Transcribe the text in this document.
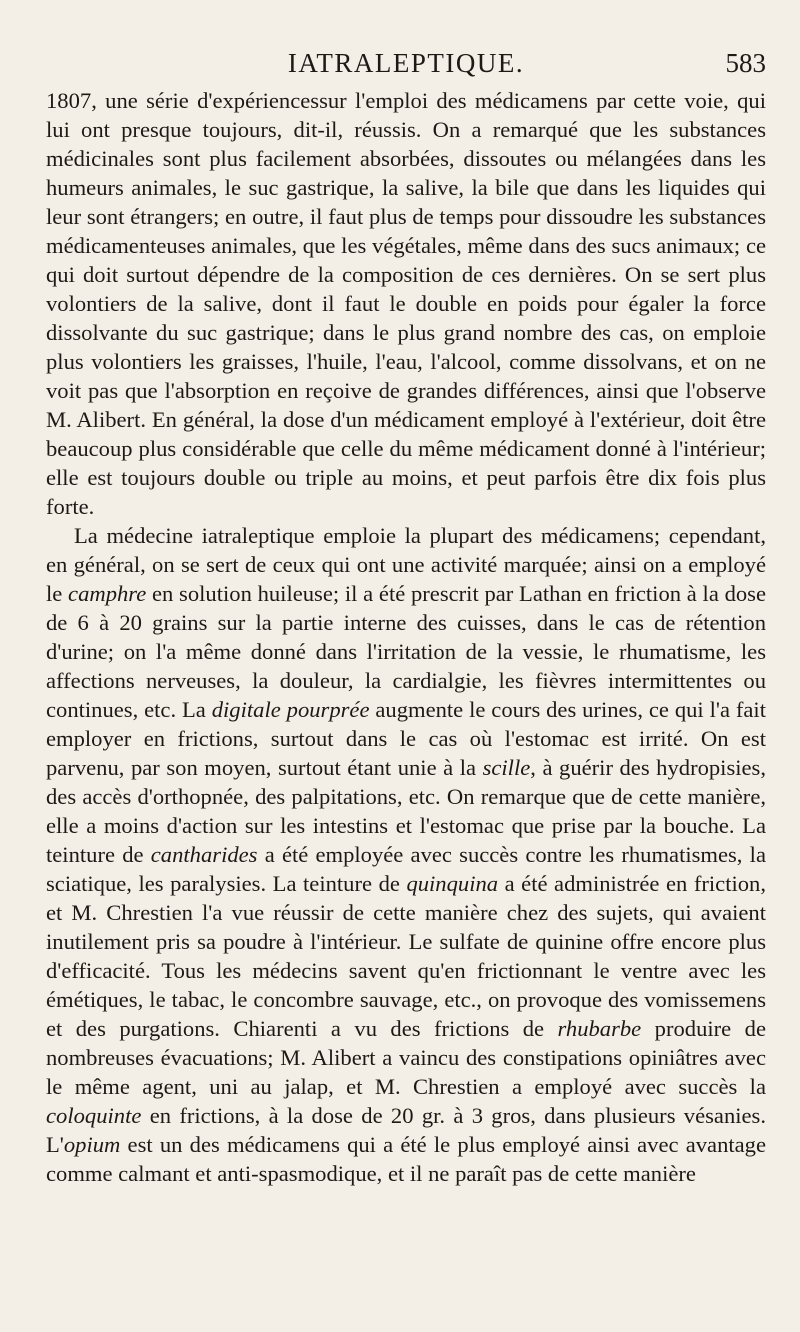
IATRALEPTIQUE.	583

1807, une série d'expériencessur l'emploi des médicamens par cette voie, qui lui ont presque toujours, dit-il, réussis. On a remarqué que les substances médicinales sont plus facilement absorbées, dissoutes ou mélangées dans les humeurs animales, le suc gastrique, la salive, la bile que dans les liquides qui leur sont étrangers; en outre, il faut plus de temps pour dissoudre les substances médicamenteuses animales, que les végétales, même dans des sucs animaux; ce qui doit surtout dépendre de la composition de ces dernières. On se sert plus volontiers de la salive, dont il faut le double en poids pour égaler la force dissolvante du suc gastrique; dans le plus grand nombre des cas, on emploie plus volontiers les graisses, l'huile, l'eau, l'alcool, comme dissolvans, et on ne voit pas que l'absorption en reçoive de grandes différences, ainsi que l'observe M. Alibert. En général, la dose d'un médicament employé à l'extérieur, doit être beaucoup plus considérable que celle du même médicament donné à l'intérieur; elle est toujours double ou triple au moins, et peut parfois être dix fois plus forte.

La médecine iatraleptique emploie la plupart des médicamens; cependant, en général, on se sert de ceux qui ont une activité marquée; ainsi on a employé le camphre en solution huileuse; il a été prescrit par Lathan en friction à la dose de 6 à 20 grains sur la partie interne des cuisses, dans le cas de rétention d'urine; on l'a même donné dans l'irritation de la vessie, le rhumatisme, les affections nerveuses, la douleur, la cardialgie, les fièvres intermittentes ou continues, etc. La digitale pourprée augmente le cours des urines, ce qui l'a fait employer en frictions, surtout dans le cas où l'estomac est irrité. On est parvenu, par son moyen, surtout étant unie à la scille, à guérir des hydropisies, des accès d'orthopnée, des palpitations, etc. On remarque que de cette manière, elle a moins d'action sur les intestins et l'estomac que prise par la bouche. La teinture de cantharides a été employée avec succès contre les rhumatismes, la sciatique, les paralysies. La teinture de quinquina a été administrée en friction, et M. Chrestien l'a vue réussir de cette manière chez des sujets, qui avaient inutilement pris sa poudre à l'intérieur. Le sulfate de quinine offre encore plus d'efficacité. Tous les médecins savent qu'en frictionnant le ventre avec les émétiques, le tabac, le concombre sauvage, etc., on provoque des vomissemens et des purgations. Chiarenti a vu des frictions de rhubarbe produire de nombreuses évacuations; M. Alibert a vaincu des constipations opiniâtres avec le même agent, uni au jalap, et M. Chrestien a employé avec succès la coloquinte en frictions, à la dose de 20 gr. à 3 gros, dans plusieurs vésanies. L'opium est un des médicamens qui a été le plus employé ainsi avec avantage comme calmant et anti-spasmodique, et il ne paraît pas de cette manière
